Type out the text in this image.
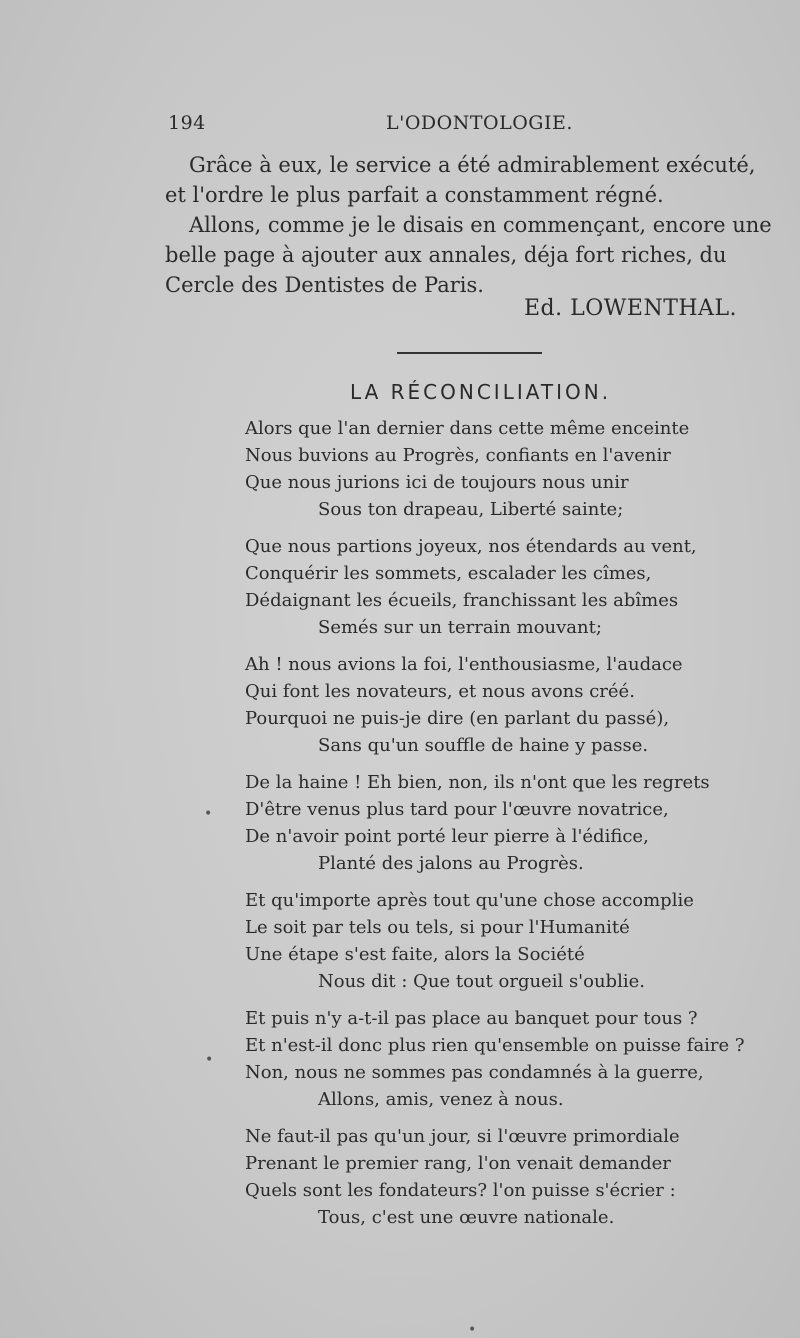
194	L'ODONTOLOGIE.

Grâce à eux, le service a été admirablement exécuté, et l'ordre le plus parfait a constamment régné.

Allons, comme je le disais en commençant, encore une belle page à ajouter aux annales, déja fort riches, du Cercle des Dentistes de Paris.

Ed. LOWENTHAL.
LA RÉCONCILIATION.
Alors que l'an dernier dans cette même enceinte
Nous buvions au Progrès, confiants en l'avenir
Que nous jurions ici de toujours nous unir
Sous ton drapeau, Liberté sainte;
Que nous partions joyeux, nos étendards au vent,
Conquérir les sommets, escalader les cîmes,
Dédaignant les écueils, franchissant les abîmes
Semés sur un terrain mouvant;
Ah ! nous avions la foi, l'enthousiasme, l'audace
Qui font les novateurs, et nous avons créé.
Pourquoi ne puis-je dire (en parlant du passé),
Sans qu'un souffle de haine y passe.
De la haine ! Eh bien, non, ils n'ont que les regrets
D'être venus plus tard pour l'œuvre novatrice,
De n'avoir point porté leur pierre à l'édifice,
Planté des jalons au Progrès.
Et qu'importe après tout qu'une chose accomplie
Le soit par tels ou tels, si pour l'Humanité
Une étape s'est faite, alors la Société
Nous dit : Que tout orgueil s'oublie.
Et puis n'y a-t-il pas place au banquet pour tous ?
Et n'est-il donc plus rien qu'ensemble on puisse faire ?
Non, nous ne sommes pas condamnés à la guerre,
Allons, amis, venez à nous.
Ne faut-il pas qu'un jour, si l'œuvre primordiale
Prenant le premier rang, l'on venait demander
Quels sont les fondateurs? l'on puisse s'écrier :
Tous, c'est une œuvre nationale.
•
•
•
